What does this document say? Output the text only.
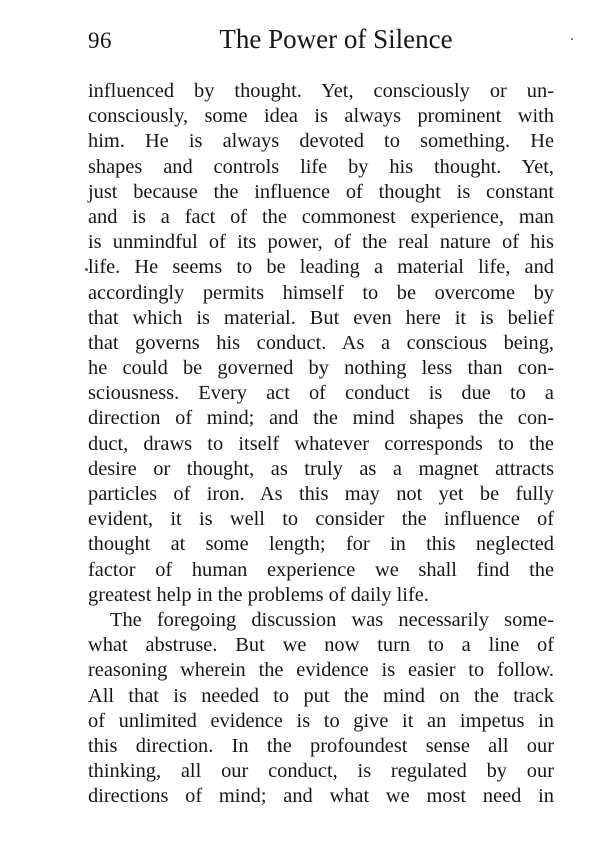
96	The Power of Silence
influenced by thought. Yet, consciously or un-
consciously, some idea is always prominent with
him. He is always devoted to something. He
shapes and controls life by his thought. Yet,
just because the influence of thought is constant
and is a fact of the commonest experience, man
is unmindful of its power, of the real nature of his
life. He seems to be leading a material life, and
accordingly permits himself to be overcome by
that which is material. But even here it is belief
that governs his conduct. As a conscious being,
he could be governed by nothing less than con-
sciousness. Every act of conduct is due to a
direction of mind; and the mind shapes the con-
duct, draws to itself whatever corresponds to the
desire or thought, as truly as a magnet attracts
particles of iron. As this may not yet be fully
evident, it is well to consider the influence of
thought at some length; for in this neglected
factor of human experience we shall find the
greatest help in the problems of daily life.
The foregoing discussion was necessarily some-
what abstruse. But we now turn to a line of
reasoning wherein the evidence is easier to follow.
All that is needed to put the mind on the track
of unlimited evidence is to give it an impetus in
this direction. In the profoundest sense all our
thinking, all our conduct, is regulated by our
directions of mind; and what we most need in
